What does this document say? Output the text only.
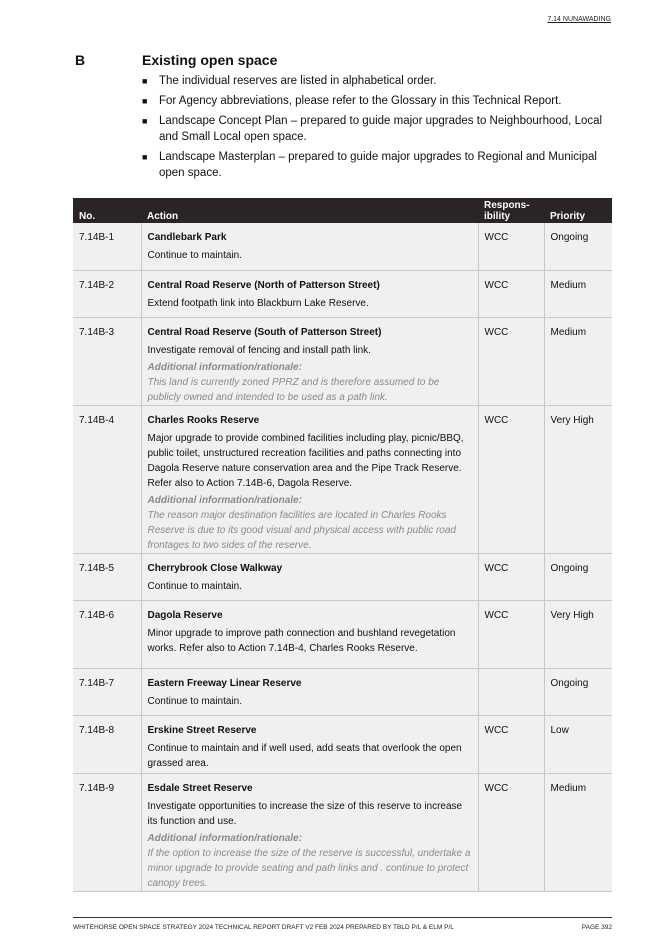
7.14 NUNAWADING
B	Existing open space
■ The individual reserves are listed in alphabetical order.
■ For Agency abbreviations, please refer to the Glossary in this Technical Report.
■ Landscape Concept Plan – prepared to guide major upgrades to Neighbourhood, Local and Small Local open space.
■ Landscape Masterplan – prepared to guide major upgrades to Regional and Municipal open space.
No.	Action	Respons-
ibility	Priority
7.14B-1	Candlebark Park
Continue to maintain.	WCC	Ongoing
7.14B-2	Central Road Reserve (North of Patterson Street)
Extend footpath link into Blackburn Lake Reserve.	WCC	Medium
7.14B-3	Central Road Reserve (South of Patterson Street)
Investigate removal of fencing and install path link.
Additional information/rationale:
This land is currently zoned PPRZ and is therefore assumed to be publicly owned and intended to be used as a path link.	WCC	Medium
7.14B-4	Charles Rooks Reserve
Major upgrade to provide combined facilities including play, picnic/BBQ, public toilet, unstructured recreation facilities and paths connecting into Dagola Reserve nature conservation area and the Pipe Track Reserve. Refer also to Action 7.14B-6, Dagola Reserve.
Additional information/rationale:
The reason major destination facilities are located in Charles Rooks Reserve is due to its good visual and physical access with public road frontages to two sides of the reserve.	WCC	Very High
7.14B-5	Cherrybrook Close Walkway
Continue to maintain.	WCC	Ongoing
7.14B-6	Dagola Reserve
Minor upgrade to improve path connection and bushland revegetation works. Refer also to Action 7.14B-4, Charles Rooks Reserve.	WCC	Very High
7.14B-7	Eastern Freeway Linear Reserve
Continue to maintain.		Ongoing
7.14B-8	Erskine Street Reserve
Continue to maintain and if well used, add seats that overlook the open grassed area.	WCC	Low
7.14B-9	Esdale Street Reserve
Investigate opportunities to increase the size of this reserve to increase its function and use.
Additional information/rationale:
If the option to increase the size of the reserve is successful, undertake a minor upgrade to provide seating and path links and . continue to protect canopy trees.	WCC	Medium
WHITEHORSE OPEN SPACE STRATEGY 2024 TECHNICAL REPORT DRAFT V2 FEB 2024 PREPARED BY TBLD P/L & ELM P/L	PAGE 392
